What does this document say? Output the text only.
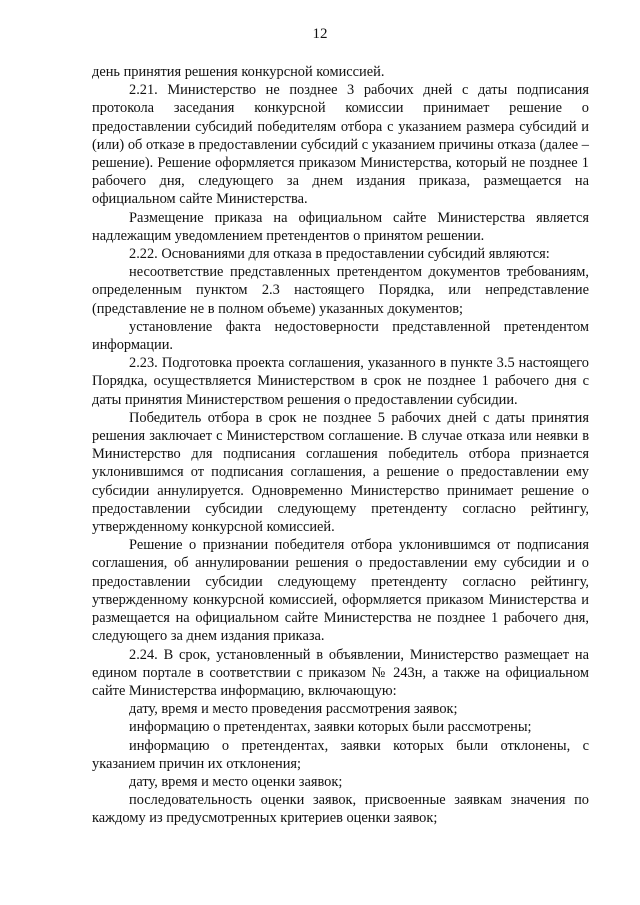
12

день принятия решения конкурсной комиссией.

2.21. Министерство не позднее 3 рабочих дней с даты подписания протокола заседания конкурсной комиссии принимает решение о предоставлении субсидий победителям отбора с указанием размера субсидий и (или) об отказе в предоставлении субсидий с указанием причины отказа (далее – решение). Решение оформляется приказом Министерства, который не позднее 1 рабочего дня, следующего за днем издания приказа, размещается на официальном сайте Министерства.

Размещение приказа на официальном сайте Министерства является надлежащим уведомлением претендентов о принятом решении.

2.22. Основаниями для отказа в предоставлении субсидий являются:

несоответствие представленных претендентом документов требованиям, определенным пунктом 2.3 настоящего Порядка, или непредставление (представление не в полном объеме) указанных документов;

установление факта недостоверности представленной претендентом информации.

2.23. Подготовка проекта соглашения, указанного в пункте 3.5 настоящего Порядка, осуществляется Министерством в срок не позднее 1 рабочего дня с даты принятия Министерством решения о предоставлении субсидии.

Победитель отбора в срок не позднее 5 рабочих дней с даты принятия решения заключает с Министерством соглашение. В случае отказа или неявки в Министерство для подписания соглашения победитель отбора признается уклонившимся от подписания соглашения, а решение о предоставлении ему субсидии аннулируется. Одновременно Министерство принимает решение о предоставлении субсидии следующему претенденту согласно рейтингу, утвержденному конкурсной комиссией.

Решение о признании победителя отбора уклонившимся от подписания соглашения, об аннулировании решения о предоставлении ему субсидии и о предоставлении субсидии следующему претенденту согласно рейтингу, утвержденному конкурсной комиссией, оформляется приказом Министерства и размещается на официальном сайте Министерства не позднее 1 рабочего дня, следующего за днем издания приказа.

2.24. В срок, установленный в объявлении, Министерство размещает на едином портале в соответствии с приказом № 243н, а также на официальном сайте Министерства информацию, включающую:

дату, время и место проведения рассмотрения заявок;

информацию о претендентах, заявки которых были рассмотрены;

информацию о претендентах, заявки которых были отклонены, с указанием причин их отклонения;

дату, время и место оценки заявок;

последовательность оценки заявок, присвоенные заявкам значения по каждому из предусмотренных критериев оценки заявок;
